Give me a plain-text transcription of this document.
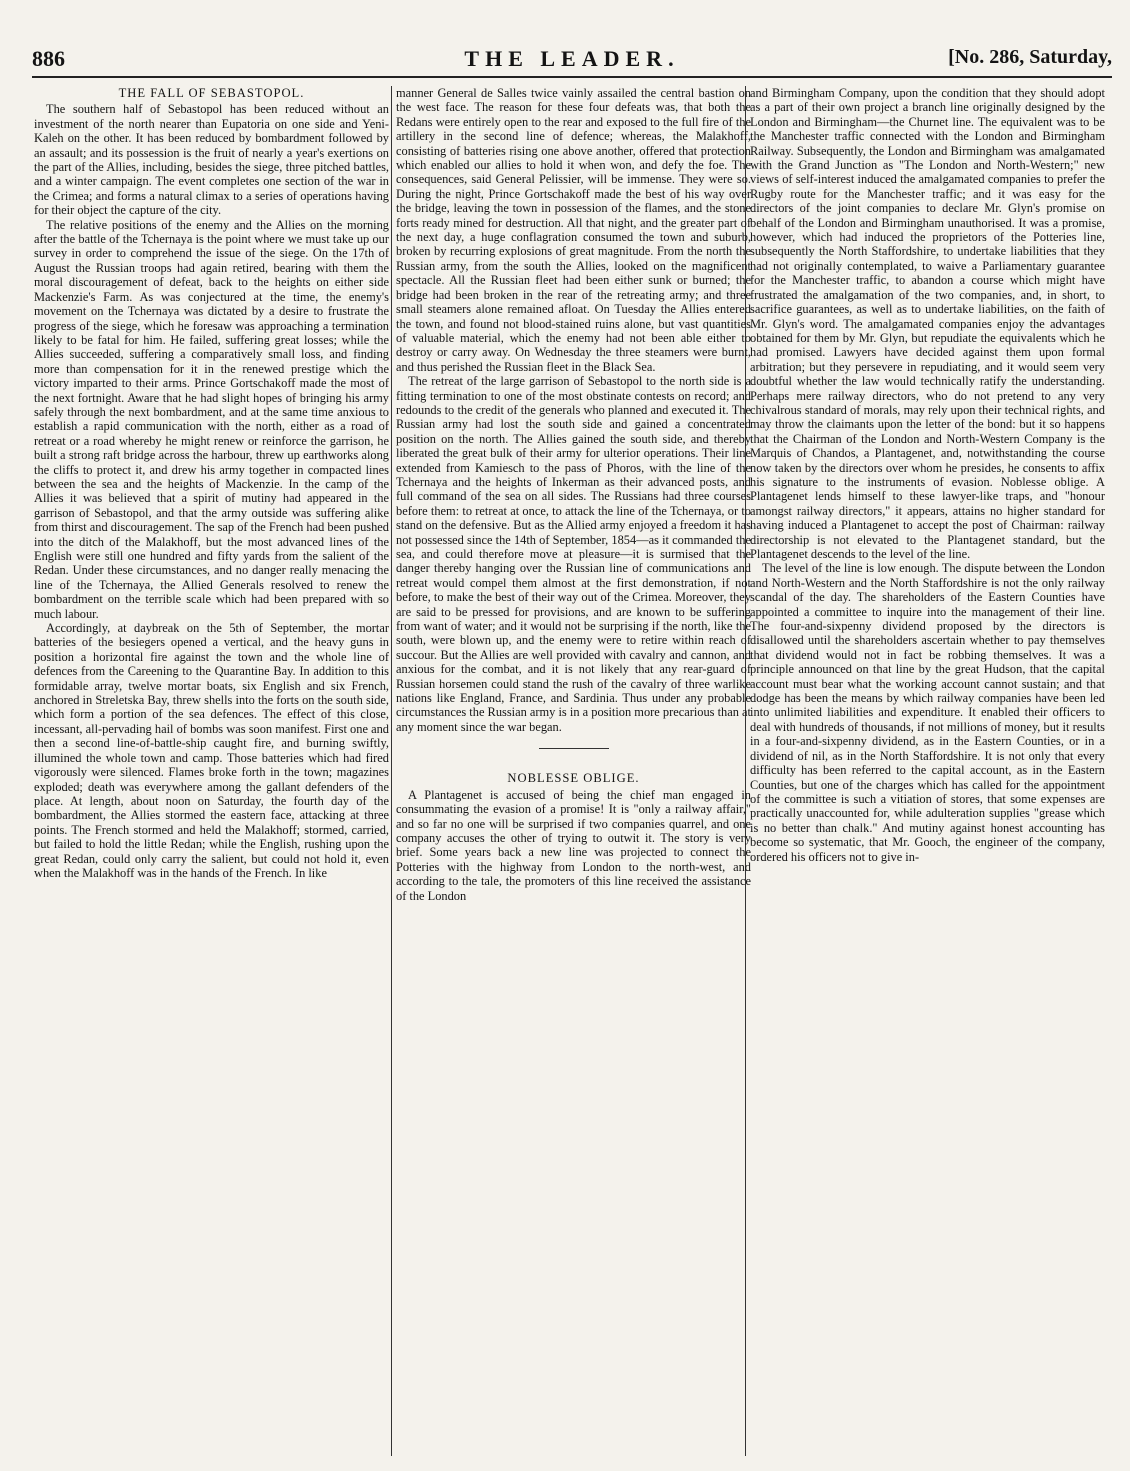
886	THE LEADER.	[No. 286, Saturday,
THE FALL OF SEBASTOPOL.

The southern half of Sebastopol has been reduced without an investment of the north nearer than Eupatoria on one side and Yeni-Kaleh on the other. It has been reduced by bombardment followed by an assault; and its possession is the fruit of nearly a year's exertions on the part of the Allies, including, besides the siege, three pitched battles, and a winter campaign. The event completes one section of the war in the Crimea; and forms a natural climax to a series of operations having for their object the capture of the city.

The relative positions of the enemy and the Allies on the morning after the battle of the Tchernaya is the point where we must take up our survey in order to comprehend the issue of the siege. On the 17th of August the Russian troops had again retired, bearing with them the moral discouragement of defeat, back to the heights on either side Mackenzie's Farm. As was conjectured at the time, the enemy's movement on the Tchernaya was dictated by a desire to frustrate the progress of the siege, which he foresaw was approaching a termination likely to be fatal for him. He failed, suffering great losses; while the Allies succeeded, suffering a comparatively small loss, and finding more than compensation for it in the renewed prestige which the victory imparted to their arms. Prince Gortschakoff made the most of the next fortnight. Aware that he had slight hopes of bringing his army safely through the next bombardment, and at the same time anxious to establish a rapid communication with the north, either as a road of retreat or a road whereby he might renew or reinforce the garrison, he built a strong raft bridge across the harbour, threw up earthworks along the cliffs to protect it, and drew his army together in compacted lines between the sea and the heights of Mackenzie. In the camp of the Allies it was believed that a spirit of mutiny had appeared in the garrison of Sebastopol, and that the army outside was suffering alike from thirst and discouragement. The sap of the French had been pushed into the ditch of the Malakhoff, but the most advanced lines of the English were still one hundred and fifty yards from the salient of the Redan. Under these circumstances, and no danger really menacing the line of the Tchernaya, the Allied Generals resolved to renew the bombardment on the terrible scale which had been prepared with so much labour.

Accordingly, at daybreak on the 5th of September, the mortar batteries of the besiegers opened a vertical, and the heavy guns in position a horizontal fire against the town and the whole line of defences from the Careening to the Quarantine Bay. In addition to this formidable array, twelve mortar boats, six English and six French, anchored in Streletska Bay, threw shells into the forts on the south side, which form a portion of the sea defences. The effect of this close, incessant, all-pervading hail of bombs was soon manifest. First one and then a second line-of-battle-ship caught fire, and burning swiftly, illumined the whole town and camp. Those batteries which had fired vigorously were silenced. Flames broke forth in the town; magazines exploded; death was everywhere among the gallant defenders of the place. At length, about noon on Saturday, the fourth day of the bombardment, the Allies stormed the eastern face, attacking at three points. The French stormed and held the Malakhoff; stormed, carried, but failed to hold the little Redan; while the English, rushing upon the great Redan, could only carry the salient, but could not hold it, even when the Malakhoff was in the hands of the French. In like

manner General de Salles twice vainly assailed the central bastion on the west face. The reason for these four defeats was, that both the Redans were entirely open to the rear and exposed to the full fire of the artillery in the second line of defence; whereas, the Malakhoff, consisting of batteries rising one above another, offered that protection which enabled our allies to hold it when won, and defy the foe. The consequences, said General Pelissier, will be immense. They were so. During the night, Prince Gortschakoff made the best of his way over the bridge, leaving the town in possession of the flames, and the stone forts ready mined for destruction. All that night, and the greater part of the next day, a huge conflagration consumed the town and suburb, broken by recurring explosions of great magnitude. From the north the Russian army, from the south the Allies, looked on the magnificent spectacle. All the Russian fleet had been either sunk or burned; the bridge had been broken in the rear of the retreating army; and three small steamers alone remained afloat. On Tuesday the Allies entered the town, and found not blood-stained ruins alone, but vast quantities of valuable material, which the enemy had not been able either to destroy or carry away. On Wednesday the three steamers were burnt, and thus perished the Russian fleet in the Black Sea.

The retreat of the large garrison of Sebastopol to the north side is a fitting termination to one of the most obstinate contests on record; and redounds to the credit of the generals who planned and executed it. The Russian army had lost the south side and gained a concentrated position on the north. The Allies gained the south side, and thereby liberated the great bulk of their army for ulterior operations. Their line extended from Kamiesch to the pass of Phoros, with the line of the Tchernaya and the heights of Inkerman as their advanced posts, and full command of the sea on all sides. The Russians had three courses before them: to retreat at once, to attack the line of the Tchernaya, or to stand on the defensive. But as the Allied army enjoyed a freedom it has not possessed since the 14th of September, 1854—as it commanded the sea, and could therefore move at pleasure—it is surmised that the danger thereby hanging over the Russian line of communications and retreat would compel them almost at the first demonstration, if not before, to make the best of their way out of the Crimea. Moreover, they are said to be pressed for provisions, and are known to be suffering from want of water; and it would not be surprising if the north, like the south, were blown up, and the enemy were to retire within reach of succour. But the Allies are well provided with cavalry and cannon, and anxious for the combat, and it is not likely that any rear-guard of Russian horsemen could stand the rush of the cavalry of three warlike nations like England, France, and Sardinia. Thus under any probable circumstances the Russian army is in a position more precarious than at any moment since the war began.

NOBLESSE OBLIGE.

A Plantagenet is accused of being the chief man engaged in consummating the evasion of a promise! It is "only a railway affair," and so far no one will be surprised if two companies quarrel, and one company accuses the other of trying to outwit it. The story is very brief. Some years back a new line was projected to connect the Potteries with the highway from London to the north-west, and according to the tale, the promoters of this line received the assistance of the London

and Birmingham Company, upon the condition that they should adopt as a part of their own project a branch line originally designed by the London and Birmingham—the Churnet line. The equivalent was to be the Manchester traffic connected with the London and Birmingham Railway. Subsequently, the London and Birmingham was amalgamated with the Grand Junction as "The London and North-Western;" new views of self-interest induced the amalgamated companies to prefer the Rugby route for the Manchester traffic; and it was easy for the directors of the joint companies to declare Mr. Glyn's promise on behalf of the London and Birmingham unauthorised. It was a promise, however, which had induced the proprietors of the Potteries line, subsequently the North Staffordshire, to undertake liabilities that they had not originally contemplated, to waive a Parliamentary guarantee for the Manchester traffic, to abandon a course which might have frustrated the amalgamation of the two companies, and, in short, to sacrifice guarantees, as well as to undertake liabilities, on the faith of Mr. Glyn's word. The amalgamated companies enjoy the advantages obtained for them by Mr. Glyn, but repudiate the equivalents which he had promised. Lawyers have decided against them upon formal arbitration; but they persevere in repudiating, and it would seem very doubtful whether the law would technically ratify the understanding. Perhaps mere railway directors, who do not pretend to any very chivalrous standard of morals, may rely upon their technical rights, and may throw the claimants upon the letter of the bond: but it so happens that the Chairman of the London and North-Western Company is the Marquis of Chandos, a Plantagenet, and, notwithstanding the course now taken by the directors over whom he presides, he consents to affix his signature to the instruments of evasion. Noblesse oblige. A Plantagenet lends himself to these lawyer-like traps, and "honour amongst railway directors," it appears, attains no higher standard for having induced a Plantagenet to accept the post of Chairman: railway directorship is not elevated to the Plantagenet standard, but the Plantagenet descends to the level of the line.

The level of the line is low enough. The dispute between the London and North-Western and the North Staffordshire is not the only railway scandal of the day. The shareholders of the Eastern Counties have appointed a committee to inquire into the management of their line. The four-and-sixpenny dividend proposed by the directors is disallowed until the shareholders ascertain whether to pay themselves that dividend would not in fact be robbing themselves. It was a principle announced on that line by the great Hudson, that the capital account must bear what the working account cannot sustain; and that dodge has been the means by which railway companies have been led into unlimited liabilities and expenditure. It enabled their officers to deal with hundreds of thousands, if not millions of money, but it results in a four-and-sixpenny dividend, as in the Eastern Counties, or in a dividend of nil, as in the North Staffordshire. It is not only that every difficulty has been referred to the capital account, as in the Eastern Counties, but one of the charges which has called for the appointment of the committee is such a vitiation of stores, that some expenses are practically unaccounted for, while adulteration supplies "grease which is no better than chalk." And mutiny against honest accounting has become so systematic, that Mr. Gooch, the engineer of the company, ordered his officers not to give in-
